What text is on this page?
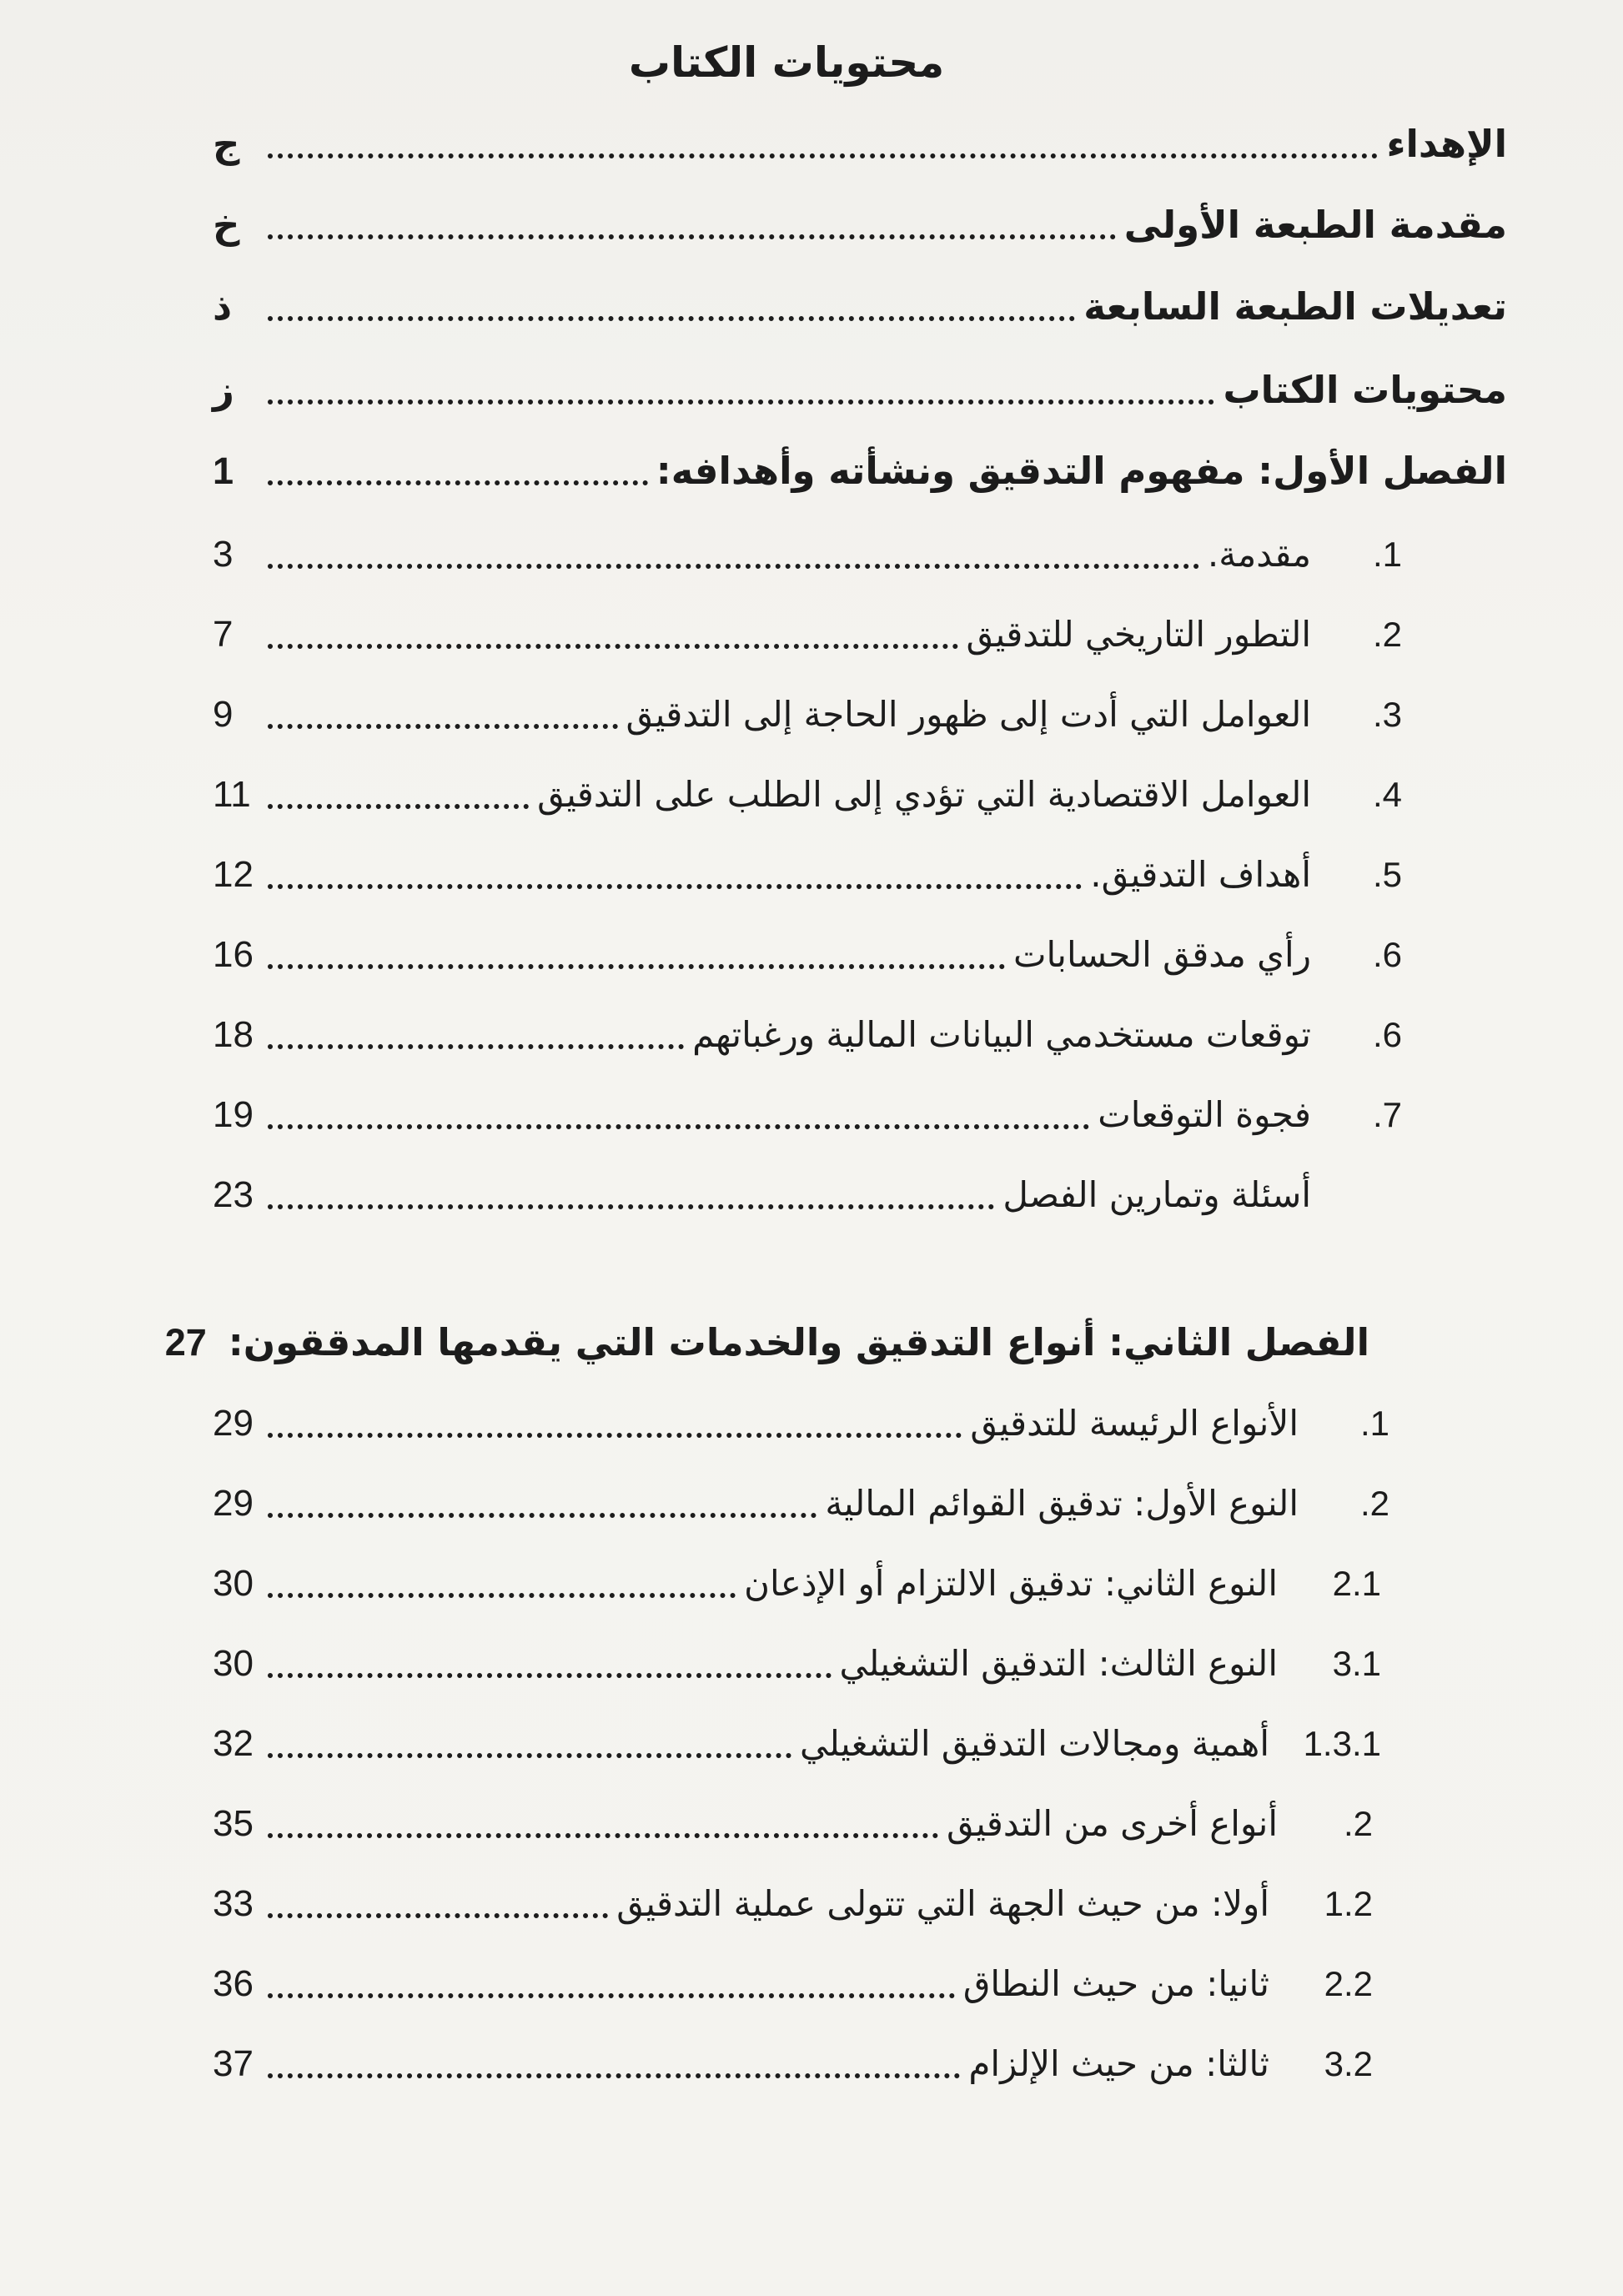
محتويات الكتاب
الإهداء
ج
مقدمة الطبعة الأولى
خ
تعديلات الطبعة السابعة
ذ
محتويات الكتاب
ز
الفصل الأول: مفهوم التدقيق ونشأته وأهدافه:
1
1.
مقدمة.
3
2.
التطور التاريخي للتدقيق
7
3.
العوامل التي أدت إلى ظهور الحاجة إلى التدقيق
9
4.
العوامل الاقتصادية التي تؤدي إلى الطلب على التدقيق
11
5.
أهداف التدقيق.
12
6.
رأي مدقق الحسابات
16
6.
توقعات مستخدمي البيانات المالية ورغباتهم
18
7.
فجوة التوقعات
19
أسئلة وتمارين الفصل
23
الفصل الثاني: أنواع التدقيق والخدمات التي يقدمها المدققون:
27
1.
الأنواع الرئيسة للتدقيق
29
2.
النوع الأول: تدقيق القوائم المالية
29
2.1
النوع الثاني: تدقيق الالتزام أو الإذعان
30
3.1
النوع الثالث: التدقيق التشغيلي
30
1.3.1
أهمية ومجالات التدقيق التشغيلي
32
2.
أنواع أخرى من التدقيق
35
1.2
أولا: من حيث الجهة التي تتولى عملية التدقيق
33
2.2
ثانيا: من حيث النطاق
36
3.2
ثالثا: من حيث الإلزام
37
